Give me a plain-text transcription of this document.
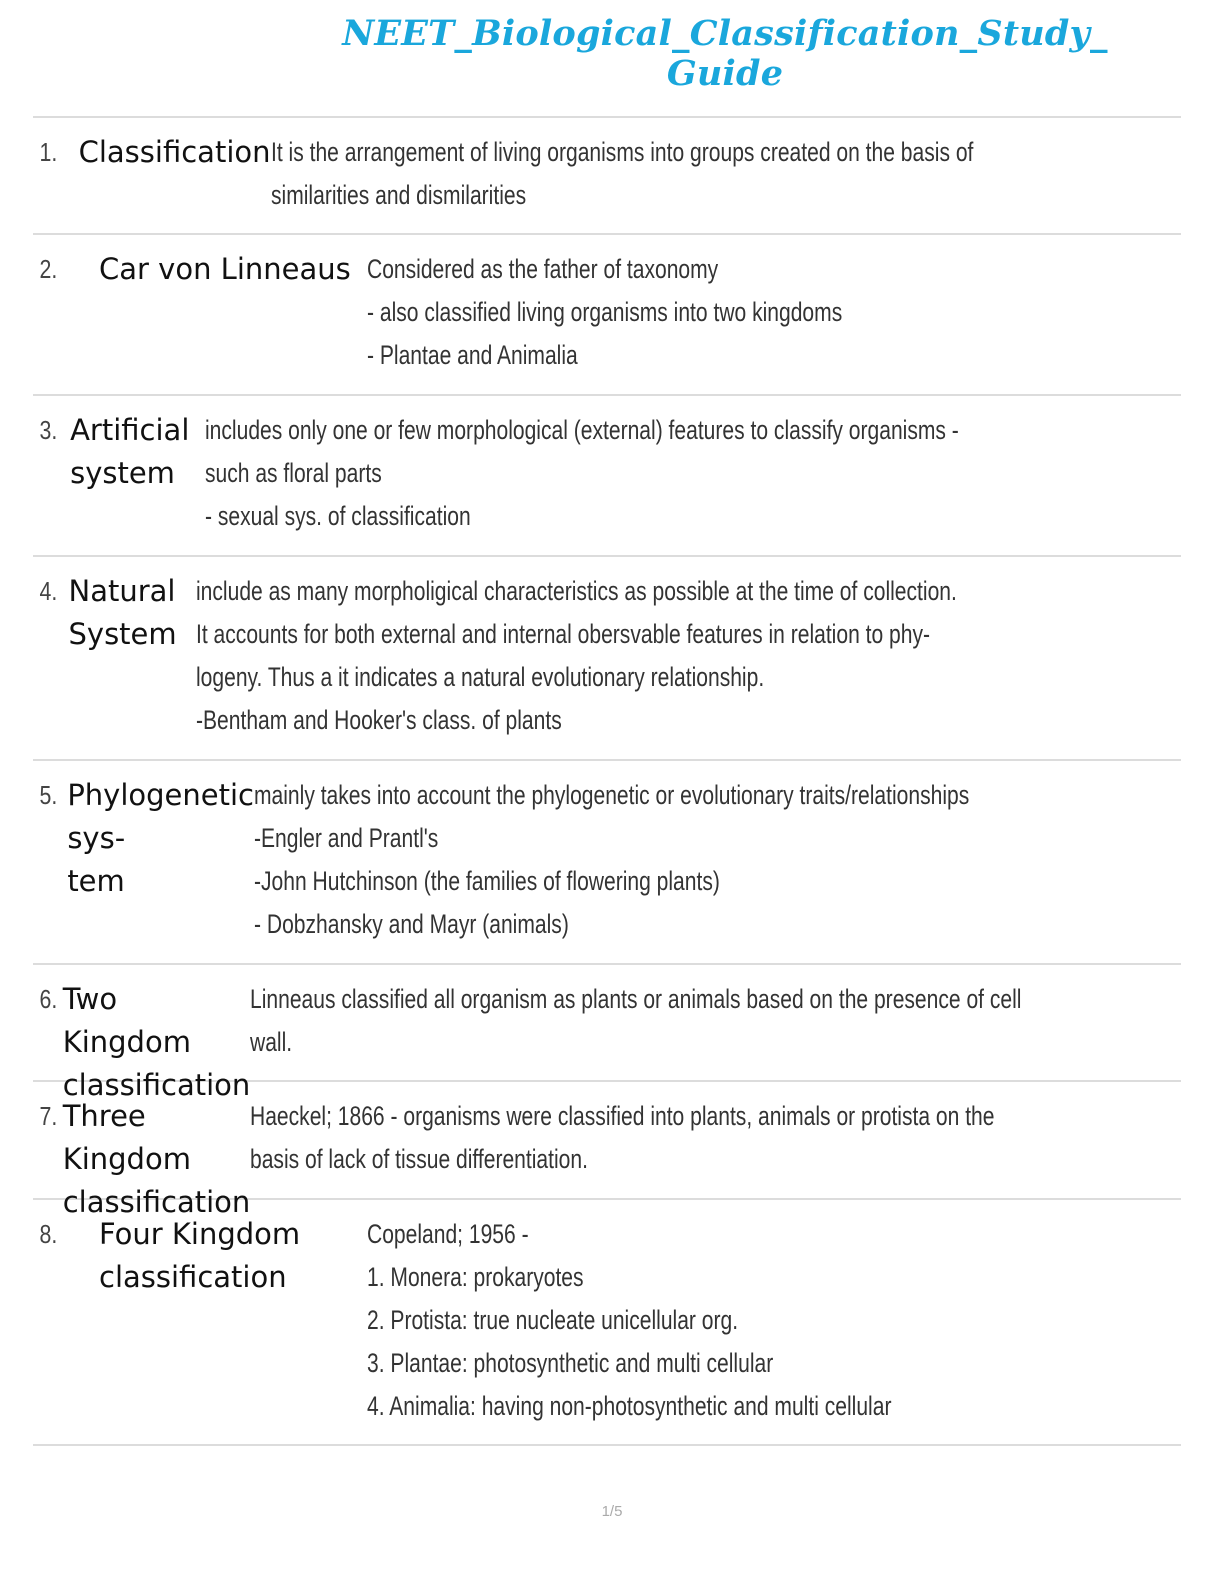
NEET_Biological_Classification_Study_
Guide
1. Classification It is the arrangement of living organisms into groups created on the basis of
similarities and dismilarities
2.	Car von Linneaus Considered as the father of taxonomy
- also classified living organisms into two kingdoms
- Plantae and Animalia
3. Artificial system
includes only one or few morphological (external) features to classify organisms -
such as floral parts
- sexual sys. of classification
4. Natural System
include as many morpholigical characteristics as possible at the time of collection.
It accounts for both external and internal obersvable features in relation to phy-
logeny. Thus a it indicates a natural evolutionary relationship.
-Bentham and Hooker's class. of plants
5. Phylogenetic sys-
tem
mainly takes into account the phylogenetic or evolutionary traits/relationships
-Engler and Prantl's
-John Hutchinson (the families of flowering plants)
- Dobzhansky and Mayr (animals)
6. Two Kingdom
classification
Linneaus classified all organism as plants or animals based on the presence of cell
wall.
7. Three Kingdom
classification
Haeckel; 1866 - organisms were classified into plants, animals or protista on the
basis of lack of tissue differentiation.
8.	Four Kingdom
classification
Copeland; 1956 -
1. Monera: prokaryotes
2. Protista: true nucleate unicellular org.
3. Plantae: photosynthetic and multi cellular
4. Animalia: having non-photosynthetic and multi cellular
1/5
